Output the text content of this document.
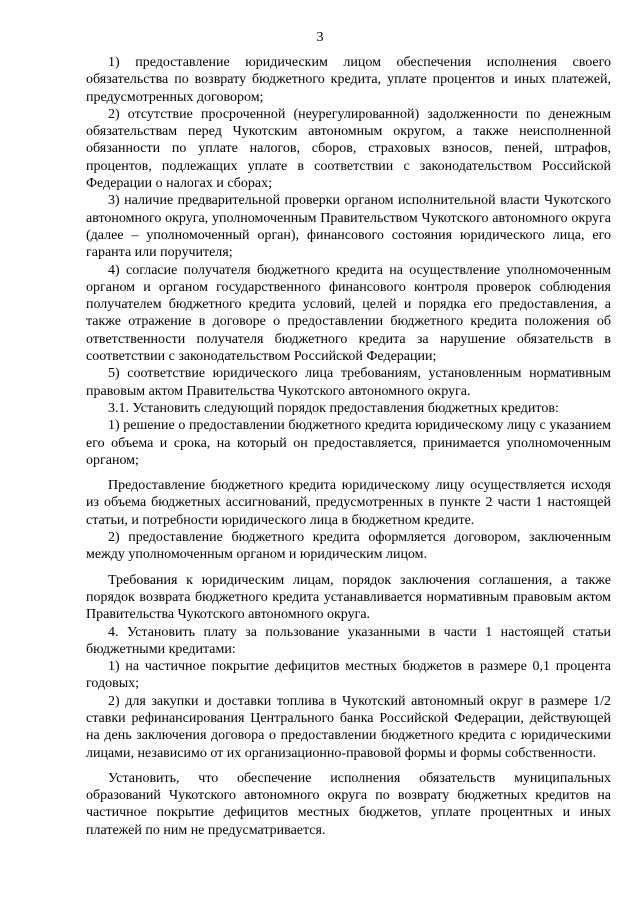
3

1) предоставление юридическим лицом обеспечения исполнения своего обязательства по возврату бюджетного кредита, уплате процентов и иных платежей, предусмотренных договором;

2) отсутствие просроченной (неурегулированной) задолженности по денежным обязательствам перед Чукотским автономным округом, а также неисполненной обязанности по уплате налогов, сборов, страховых взносов, пеней, штрафов, процентов, подлежащих уплате в соответствии с законодательством Российской Федерации о налогах и сборах;

3) наличие предварительной проверки органом исполнительной власти Чукотского автономного округа, уполномоченным Правительством Чукотского автономного округа (далее – уполномоченный орган), финансового состояния юридического лица, его гаранта или поручителя;

4) согласие получателя бюджетного кредита на осуществление уполномоченным органом и органом государственного финансового контроля проверок соблюдения получателем бюджетного кредита условий, целей и порядка его предоставления, а также отражение в договоре о предоставлении бюджетного кредита положения об ответственности получателя бюджетного кредита за нарушение обязательств в соответствии с законодательством Российской Федерации;

5) соответствие юридического лица требованиям, установленным нормативным правовым актом Правительства Чукотского автономного округа.

3.1. Установить следующий порядок предоставления бюджетных кредитов:

1) решение о предоставлении бюджетного кредита юридическому лицу с указанием его объема и срока, на который он предоставляется, принимается уполномоченным органом;

Предоставление бюджетного кредита юридическому лицу осуществляется исходя из объема бюджетных ассигнований, предусмотренных в пункте 2 части 1 настоящей статьи, и потребности юридического лица в бюджетном кредите.

2) предоставление бюджетного кредита оформляется договором, заключенным между уполномоченным органом и юридическим лицом.

Требования к юридическим лицам, порядок заключения соглашения, а также порядок возврата бюджетного кредита устанавливается нормативным правовым актом Правительства Чукотского автономного округа.

4. Установить плату за пользование указанными в части 1 настоящей статьи бюджетными кредитами:

1) на частичное покрытие дефицитов местных бюджетов в размере 0,1 процента годовых;

2) для закупки и доставки топлива в Чукотский автономный округ в размере 1/2 ставки рефинансирования Центрального банка Российской Федерации, действующей на день заключения договора о предоставлении бюджетного кредита с юридическими лицами, независимо от их организационно-правовой формы и формы собственности.

Установить, что обеспечение исполнения обязательств муниципальных образований Чукотского автономного округа по возврату бюджетных кредитов на частичное покрытие дефицитов местных бюджетов, уплате процентных и иных платежей по ним не предусматривается.
